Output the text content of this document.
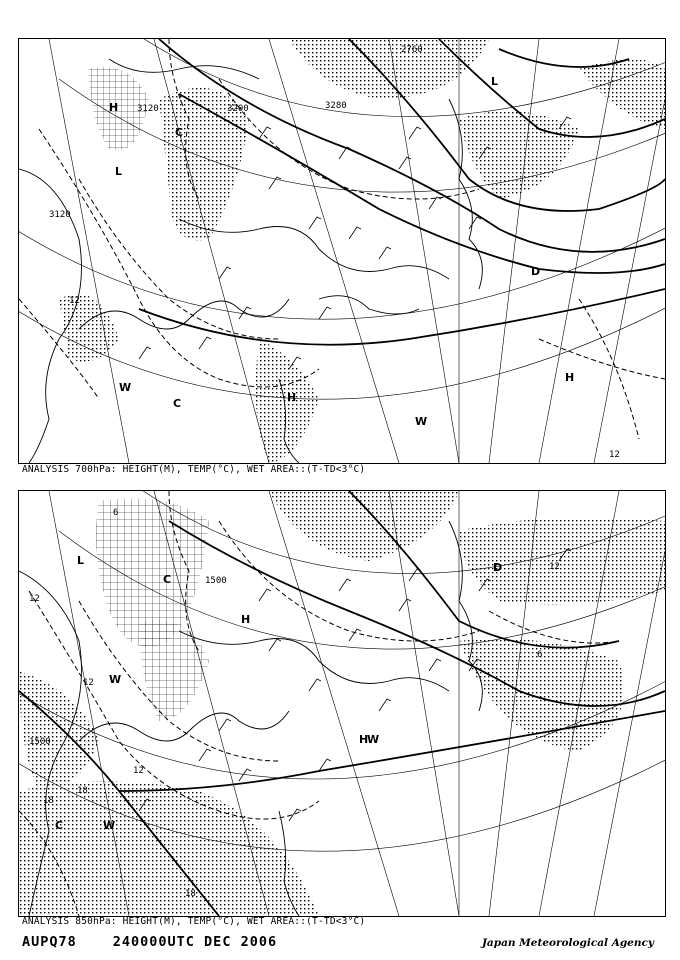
2760
3120
3200	3280
3120
12
12
H
H
H
L
L
C
C
W
W
D
ANALYSIS 700hPa: HEIGHT(M), TEMP(°C), WET AREA::(T-TD<3°C)
1500
1500
12
12
12
18
18
18
12
6
6
L
H
H
C
C
W
W
W
D
ANALYSIS 850hPa: HEIGHT(M), TEMP(°C), WET AREA::(T-TD<3°C)
AUPQ78	240000UTC DEC 2006	Japan Meteorological Agency
